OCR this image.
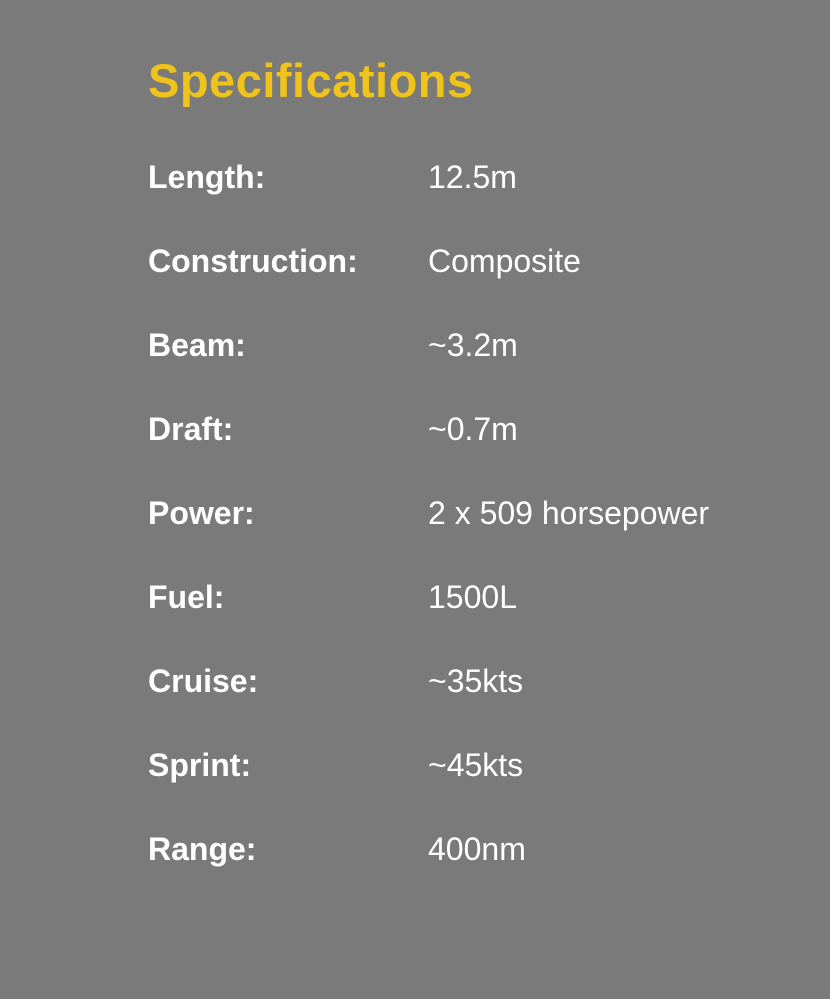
Specifications
Length:	12.5m
Construction:	Composite
Beam:	~3.2m
Draft:	~0.7m
Power:	2 x 509 horsepower
Fuel:	1500L
Cruise:	~35kts
Sprint:	~45kts
Range:	400nm
